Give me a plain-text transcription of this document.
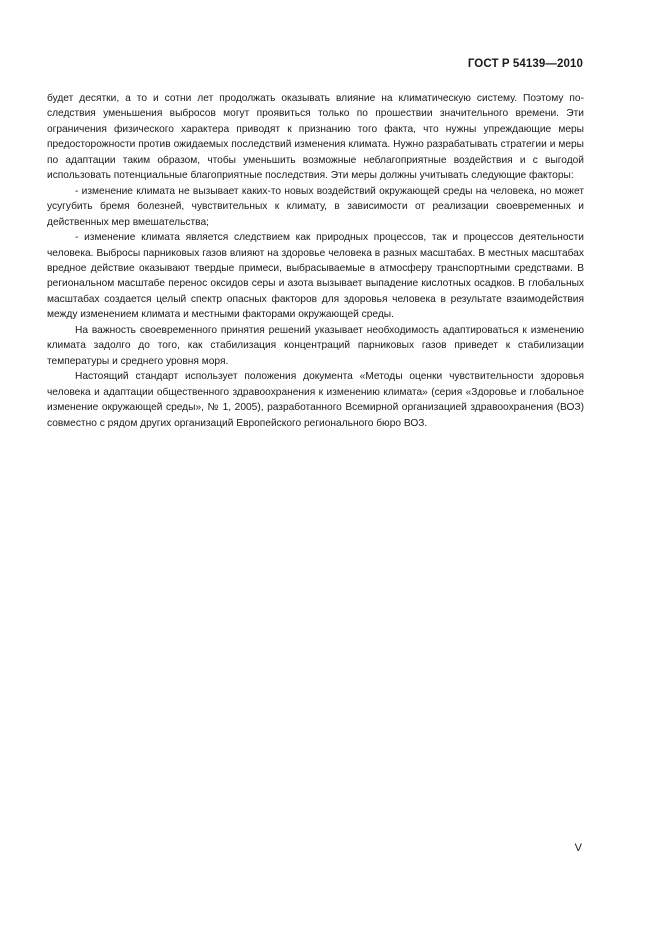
ГОСТ Р 54139—2010

будет десятки, а то и сотни лет продолжать оказывать влияние на климатическую систему. Поэтому последствия уменьшения выбросов могут проявиться только по прошествии значительного времени. Эти ограничения физического характера приводят к признанию того факта, что нужны упреждающие меры предосторожности против ожидаемых последствий изменения климата. Нужно разрабатывать стратегии и меры по адаптации таким образом, чтобы уменьшить возможные неблагоприятные воздействия и с выгодой использовать потенциальные благоприятные последствия. Эти меры должны учитывать следующие факторы:

- изменение климата не вызывает каких-то новых воздействий окружающей среды на человека, но может усугубить бремя болезней, чувствительных к климату, в зависимости от реализации своевременных и действенных мер вмешательства;

- изменение климата является следствием как природных процессов, так и процессов деятельности человека. Выбросы парниковых газов влияют на здоровье человека в разных масштабах. В местных масштабах вредное действие оказывают твердые примеси, выбрасываемые в атмосферу транспортными средствами. В региональном масштабе перенос оксидов серы и азота вызывает выпадение кислотных осадков. В глобальных масштабах создается целый спектр опасных факторов для здоровья человека в результате взаимодействия между изменением климата и местными факторами окружающей среды.

На важность своевременного принятия решений указывает необходимость адаптироваться к изменению климата задолго до того, как стабилизация концентраций парниковых газов приведет к стабилизации температуры и среднего уровня моря.

Настоящий стандарт использует положения документа «Методы оценки чувствительности здоровья человека и адаптации общественного здравоохранения к изменению климата» (серия «Здоровье и глобальное изменение окружающей среды», № 1, 2005), разработанного Всемирной организацией здравоохранения (ВОЗ) совместно с рядом других организаций Европейского регионального бюро ВОЗ.

V
